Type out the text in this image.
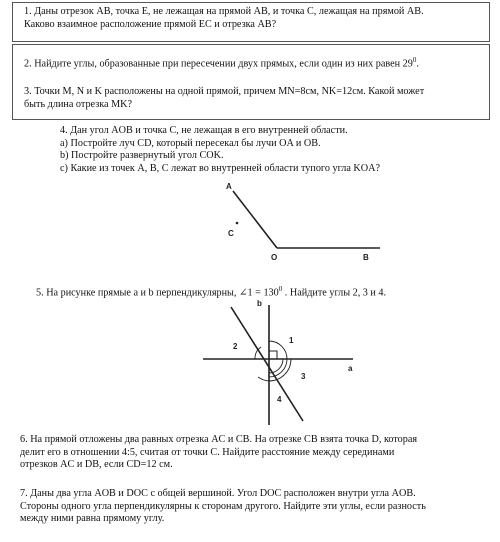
1. Даны отрезок AB, точка E, не лежащая на прямой AB, и точка C, лежащая на прямой AB.
Каково взаимное расположение прямой EC и отрезка AB?

2. Найдите углы, образованные при пересечении двух прямых, если один из них равен $29^0$.

3. Точки M, N и K расположены на одной прямой, причем MN=8см, NK=12см. Какой может
быть длина отрезка MK?

4. Дан угол AOB и точка C, не лежащая в его внутренней области.
a) Постройте луч CD, который пересекал бы лучи OA и OB.
b) Постройте развернутый угол COK.
c) Какие из точек A, B, C лежат во внутренней области тупого угла KOA?

A
C
O	B

5. На рисунке прямые a и b перпендикулярны, ∠1 = $130^0$ . Найдите углы 2, 3 и 4.

b
a
1
2
3
4

6. На прямой отложены два равных отрезка AC и CB. На отрезке CB взята точка D, которая
делит его в отношении 4:5, считая от точки C. Найдите расстояние между серединами
отрезков AC и DB, если CD=12 см.

7. Даны два угла AOB и DOC с общей вершиной. Угол DOC расположен внутри угла AOB.
Стороны одного угла перпендикулярны к сторонам другого. Найдите эти углы, если разность
между ними равна прямому углу.
